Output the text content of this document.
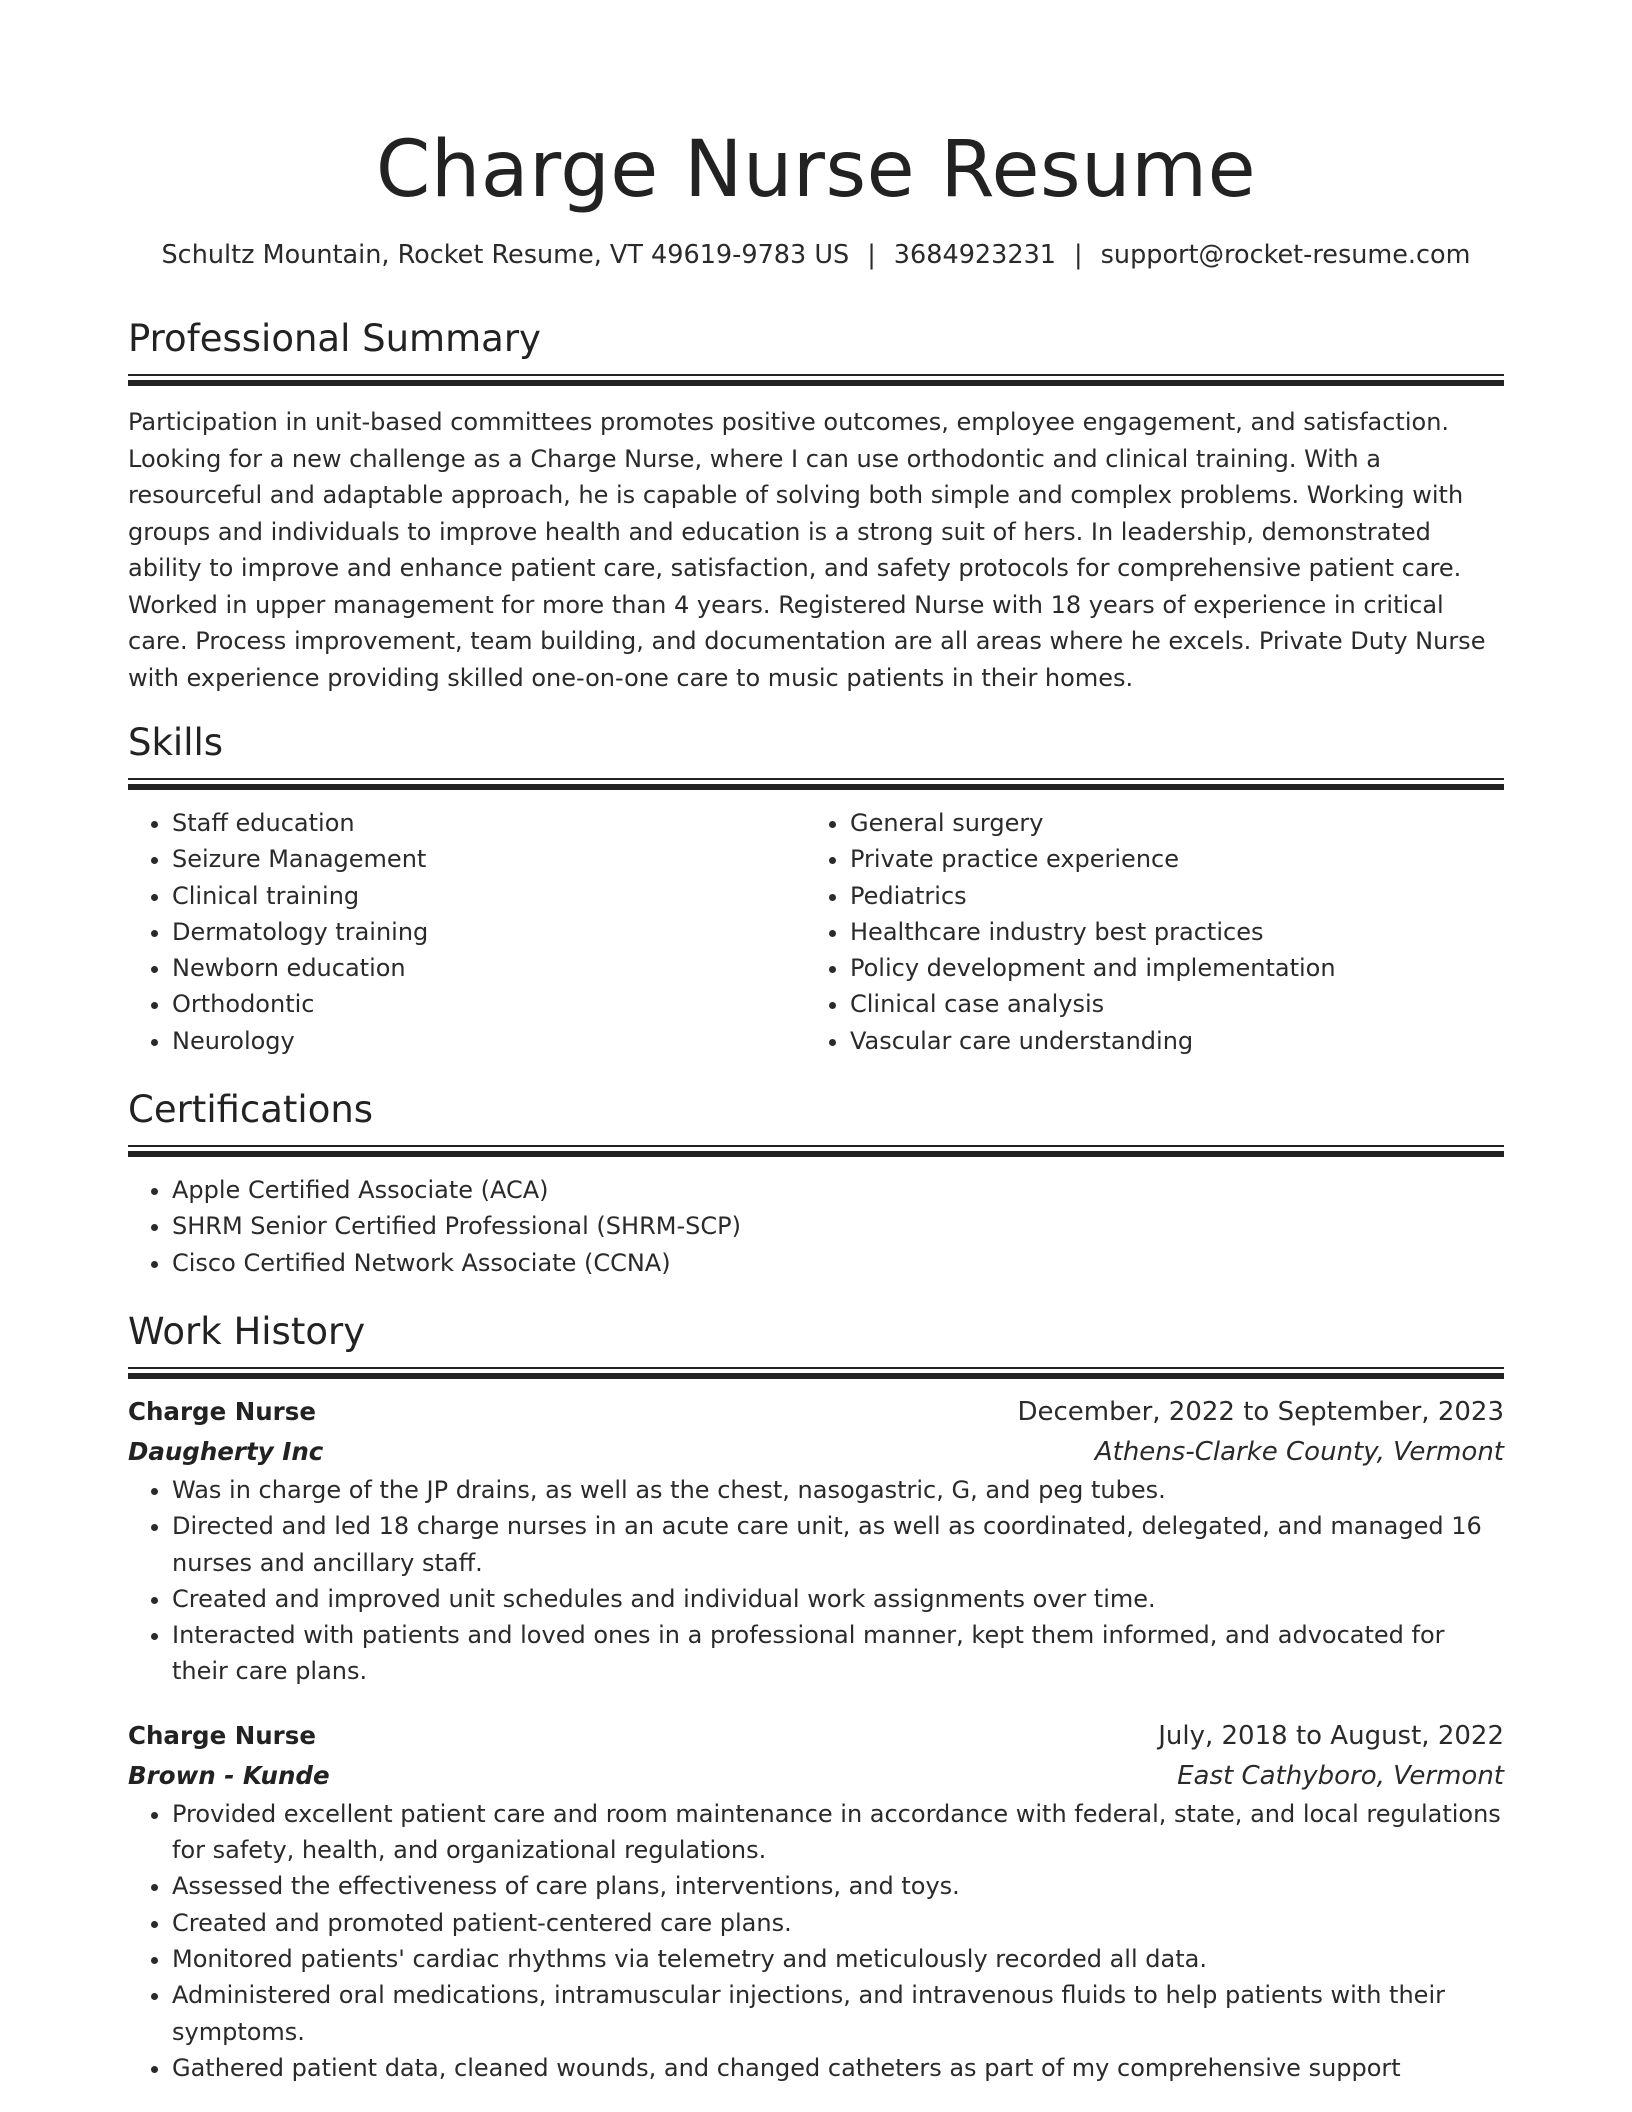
Charge Nurse Resume
Schultz Mountain, Rocket Resume, VT 49619-9783 US | 3684923231 | support@rocket-resume.com
Professional Summary

Participation in unit-based committees promotes positive outcomes, employee engagement, and satisfaction. Looking for a new challenge as a Charge Nurse, where I can use orthodontic and clinical training. With a resourceful and adaptable approach, he is capable of solving both simple and complex problems. Working with groups and individuals to improve health and education is a strong suit of hers. In leadership, demonstrated ability to improve and enhance patient care, satisfaction, and safety protocols for comprehensive patient care. Worked in upper management for more than 4 years. Registered Nurse with 18 years of experience in critical care. Process improvement, team building, and documentation are all areas where he excels. Private Duty Nurse with experience providing skilled one-on-one care to music patients in their homes.

Skills
• Staff education
• Seizure Management
• Clinical training
• Dermatology training
• Newborn education
• Orthodontic
• Neurology
• General surgery
• Private practice experience
• Pediatrics
• Healthcare industry best practices
• Policy development and implementation
• Clinical case analysis
• Vascular care understanding
Certifications
• Apple Certified Associate (ACA)
• SHRM Senior Certified Professional (SHRM-SCP)
• Cisco Certified Network Associate (CCNA)
Work History
Charge Nurse	December, 2022 to September, 2023
Daugherty Inc	Athens-Clarke County, Vermont
• Was in charge of the JP drains, as well as the chest, nasogastric, G, and peg tubes.
• Directed and led 18 charge nurses in an acute care unit, as well as coordinated, delegated, and managed 16 nurses and ancillary staff.
• Created and improved unit schedules and individual work assignments over time.
• Interacted with patients and loved ones in a professional manner, kept them informed, and advocated for their care plans.
Charge Nurse	July, 2018 to August, 2022
Brown - Kunde	East Cathyboro, Vermont
• Provided excellent patient care and room maintenance in accordance with federal, state, and local regulations for safety, health, and organizational regulations.
• Assessed the effectiveness of care plans, interventions, and toys.
• Created and promoted patient-centered care plans.
• Monitored patients' cardiac rhythms via telemetry and meticulously recorded all data.
• Administered oral medications, intramuscular injections, and intravenous fluids to help patients with their symptoms.
• Gathered patient data, cleaned wounds, and changed catheters as part of my comprehensive support
